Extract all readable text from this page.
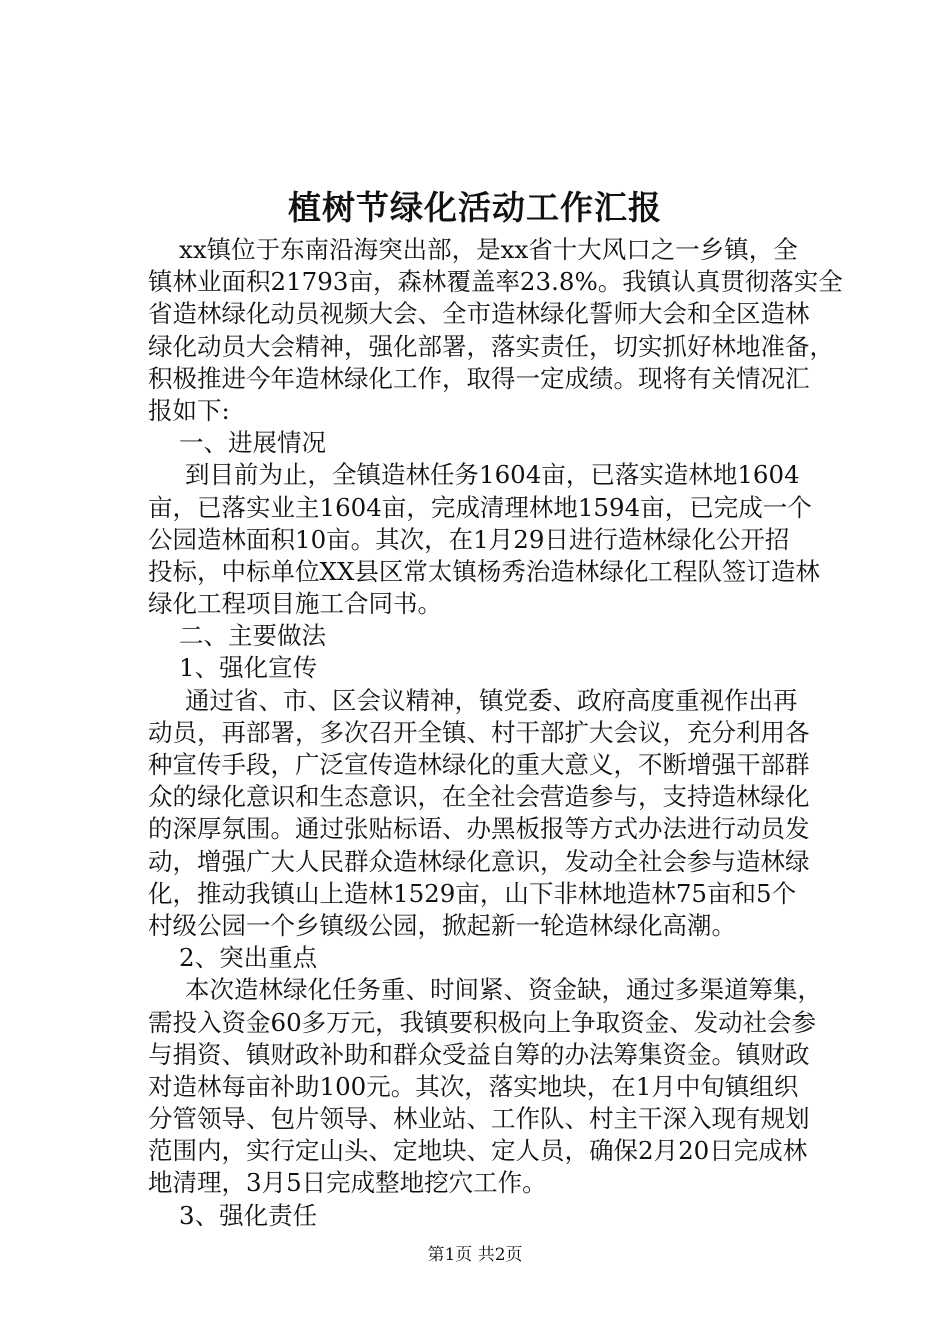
植树节绿化活动工作汇报
xx镇位于东南沿海突出部，是xx省十大风口之一乡镇，全
镇林业面积21793亩，森林覆盖率23.8%。我镇认真贯彻落实全
省造林绿化动员视频大会、全市造林绿化誓师大会和全区造林
绿化动员大会精神，强化部署，落实责任，切实抓好林地准备，
积极推进今年造林绿化工作，取得一定成绩。现将有关情况汇
报如下:
一、进展情况
到目前为止，全镇造林任务1604亩，已落实造林地1604
亩，已落实业主1604亩，完成清理林地1594亩，已完成一个
公园造林面积10亩。其次，在1月29日进行造林绿化公开招
投标，中标单位XX县区常太镇杨秀治造林绿化工程队签订造林
绿化工程项目施工合同书。
二、主要做法
1、强化宣传
通过省、市、区会议精神，镇党委、政府高度重视作出再
动员，再部署，多次召开全镇、村干部扩大会议，充分利用各
种宣传手段，广泛宣传造林绿化的重大意义，不断增强干部群
众的绿化意识和生态意识，在全社会营造参与，支持造林绿化
的深厚氛围。通过张贴标语、办黑板报等方式办法进行动员发
动，增强广大人民群众造林绿化意识，发动全社会参与造林绿
化，推动我镇山上造林1529亩，山下非林地造林75亩和5个
村级公园一个乡镇级公园，掀起新一轮造林绿化高潮。
2、突出重点
本次造林绿化任务重、时间紧、资金缺，通过多渠道筹集，
需投入资金60多万元，我镇要积极向上争取资金、发动社会参
与捐资、镇财政补助和群众受益自筹的办法筹集资金。镇财政
对造林每亩补助100元。其次，落实地块，在1月中旬镇组织
分管领导、包片领导、林业站、工作队、村主干深入现有规划
范围内，实行定山头、定地块、定人员，确保2月20日完成林
地清理，3月5日完成整地挖穴工作。
3、强化责任
第1页 共2页
